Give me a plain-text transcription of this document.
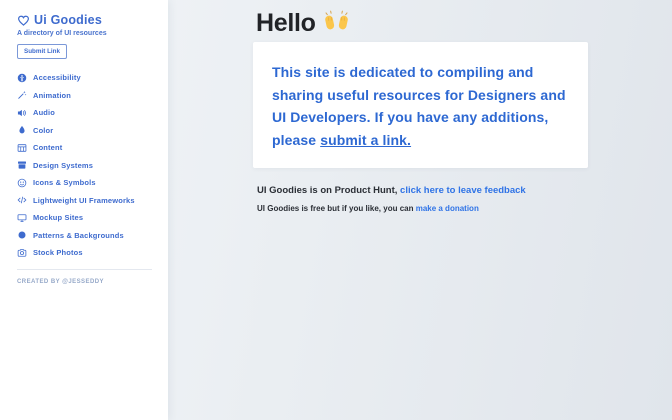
Ui Goodies
A directory of UI resources
Submit Link
Accessibility
Animation
Audio
Color
Content
Design Systems
Icons & Symbols
Lightweight UI Frameworks
Mockup Sites
Patterns & Backgrounds
Stock Photos
CREATED BY @JESSEDDY
Hello

This site is dedicated to compiling and sharing useful resources for Designers and UI Developers. If you have any additions, please submit a link.

UI Goodies is on Product Hunt, click here to leave feedback

UI Goodies is free but if you like, you can make a donation
